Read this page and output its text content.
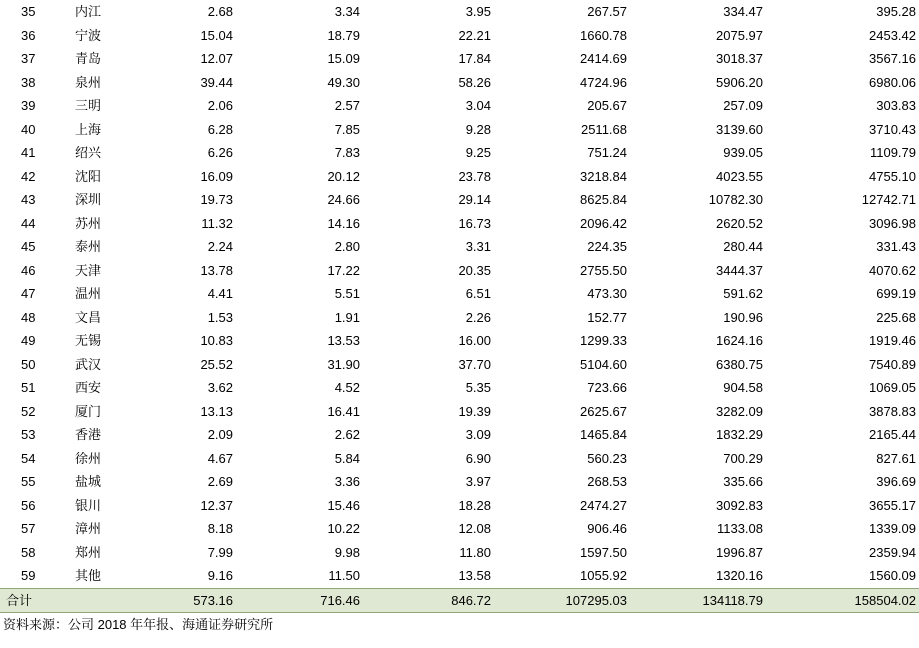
35	内江	2.68	3.34	3.95	267.57	334.47	395.28
36	宁波	15.04	18.79	22.21	1660.78	2075.97	2453.42
37	青岛	12.07	15.09	17.84	2414.69	3018.37	3567.16
38	泉州	39.44	49.30	58.26	4724.96	5906.20	6980.06
39	三明	2.06	2.57	3.04	205.67	257.09	303.83
40	上海	6.28	7.85	9.28	2511.68	3139.60	3710.43
41	绍兴	6.26	7.83	9.25	751.24	939.05	1109.79
42	沈阳	16.09	20.12	23.78	3218.84	4023.55	4755.10
43	深圳	19.73	24.66	29.14	8625.84	10782.30	12742.71
44	苏州	11.32	14.16	16.73	2096.42	2620.52	3096.98
45	泰州	2.24	2.80	3.31	224.35	280.44	331.43
46	天津	13.78	17.22	20.35	2755.50	3444.37	4070.62
47	温州	4.41	5.51	6.51	473.30	591.62	699.19
48	文昌	1.53	1.91	2.26	152.77	190.96	225.68
49	无锡	10.83	13.53	16.00	1299.33	1624.16	1919.46
50	武汉	25.52	31.90	37.70	5104.60	6380.75	7540.89
51	西安	3.62	4.52	5.35	723.66	904.58	1069.05
52	厦门	13.13	16.41	19.39	2625.67	3282.09	3878.83
53	香港	2.09	2.62	3.09	1465.84	1832.29	2165.44
54	徐州	4.67	5.84	6.90	560.23	700.29	827.61
55	盐城	2.69	3.36	3.97	268.53	335.66	396.69
56	银川	12.37	15.46	18.28	2474.27	3092.83	3655.17
57	漳州	8.18	10.22	12.08	906.46	1133.08	1339.09
58	郑州	7.99	9.98	11.80	1597.50	1996.87	2359.94
59	其他	9.16	11.50	13.58	1055.92	1320.16	1560.09
合计		573.16	716.46	846.72	107295.03	134118.79	158504.02
资料来源：公司 2018 年年报、海通证券研究所
